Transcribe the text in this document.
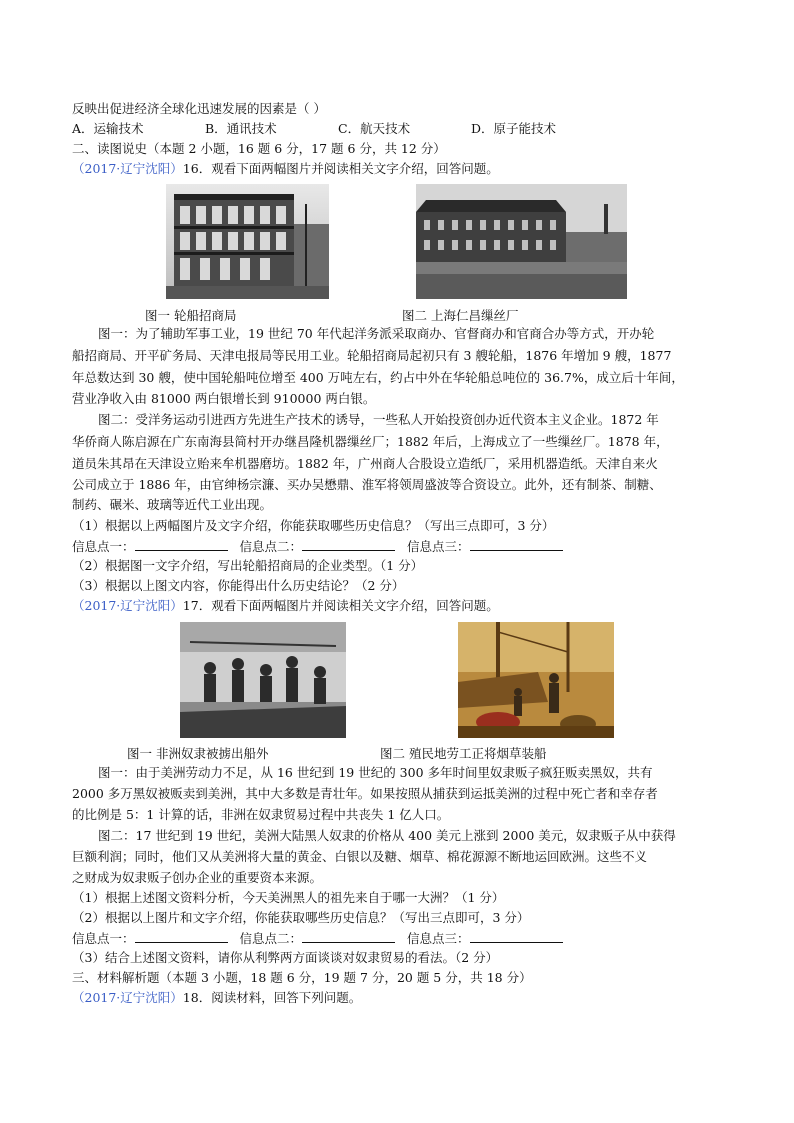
反映出促进经济全球化迅速发展的因素是（ ）
A．运输技术	B．通讯技术	C．航天技术	D．原子能技术
二、读图说史（本题 2 小题，16 题 6 分，17 题 6 分，共 12 分）
（2017·辽宁沈阳）16．观看下面两幅图片并阅读相关文字介绍，回答问题。
图一 轮船招商局	图二 上海仁昌缫丝厂
图一：为了辅助军事工业，19 世纪 70 年代起洋务派采取商办、官督商办和官商合办等方式，开办轮
船招商局、开平矿务局、天津电报局等民用工业。轮船招商局起初只有 3 艘轮船，1876 年增加 9 艘，1877
年总数达到 30 艘，使中国轮船吨位增至 400 万吨左右，约占中外在华轮船总吨位的 36.7%，成立后十年间，
营业净收入由 81000 两白银增长到 910000 两白银。
图二：受洋务运动引进西方先进生产技术的诱导，一些私人开始投资创办近代资本主义企业。1872 年
华侨商人陈启源在广东南海县简村开办继昌隆机器缫丝厂；1882 年后，上海成立了一些缫丝厂。1878 年，
道员朱其昂在天津设立贻来牟机器磨坊。1882 年，广州商人合股设立造纸厂，采用机器造纸。天津自来火
公司成立于 1886 年，由官绅杨宗濂、买办吴懋鼎、淮军将领周盛波等合资设立。此外，还有制茶、制糖、
制药、碾米、玻璃等近代工业出现。
（1）根据以上两幅图片及文字介绍，你能获取哪些历史信息？（写出三点即可，3 分）
信息点一：	信息点二：	信息点三：
（2）根据图一文字介绍，写出轮船招商局的企业类型。（1 分）
（3）根据以上图文内容，你能得出什么历史结论？（2 分）
（2017·辽宁沈阳）17．观看下面两幅图片并阅读相关文字介绍，回答问题。
图一 非洲奴隶被掳出船外	图二 殖民地劳工正将烟草装船
图一：由于美洲劳动力不足，从 16 世纪到 19 世纪的 300 多年时间里奴隶贩子疯狂贩卖黑奴，共有
2000 多万黑奴被贩卖到美洲，其中大多数是青壮年。如果按照从捕获到运抵美洲的过程中死亡者和幸存者
的比例是 5：1 计算的话，非洲在奴隶贸易过程中共丧失 1 亿人口。
图二：17 世纪到 19 世纪，美洲大陆黑人奴隶的价格从 400 美元上涨到 2000 美元，奴隶贩子从中获得
巨额利润；同时，他们又从美洲将大量的黄金、白银以及糖、烟草、棉花源源不断地运回欧洲。这些不义
之财成为奴隶贩子创办企业的重要资本来源。
（1）根据上述图文资料分析，今天美洲黑人的祖先来自于哪一大洲？（1 分）
（2）根据以上图片和文字介绍，你能获取哪些历史信息？（写出三点即可，3 分）
信息点一：	信息点二：	信息点三：
（3）结合上述图文资料，请你从利弊两方面谈谈对奴隶贸易的看法。（2 分）
三、材料解析题（本题 3 小题，18 题 6 分，19 题 7 分，20 题 5 分，共 18 分）
（2017·辽宁沈阳）18．阅读材料，回答下列问题。
